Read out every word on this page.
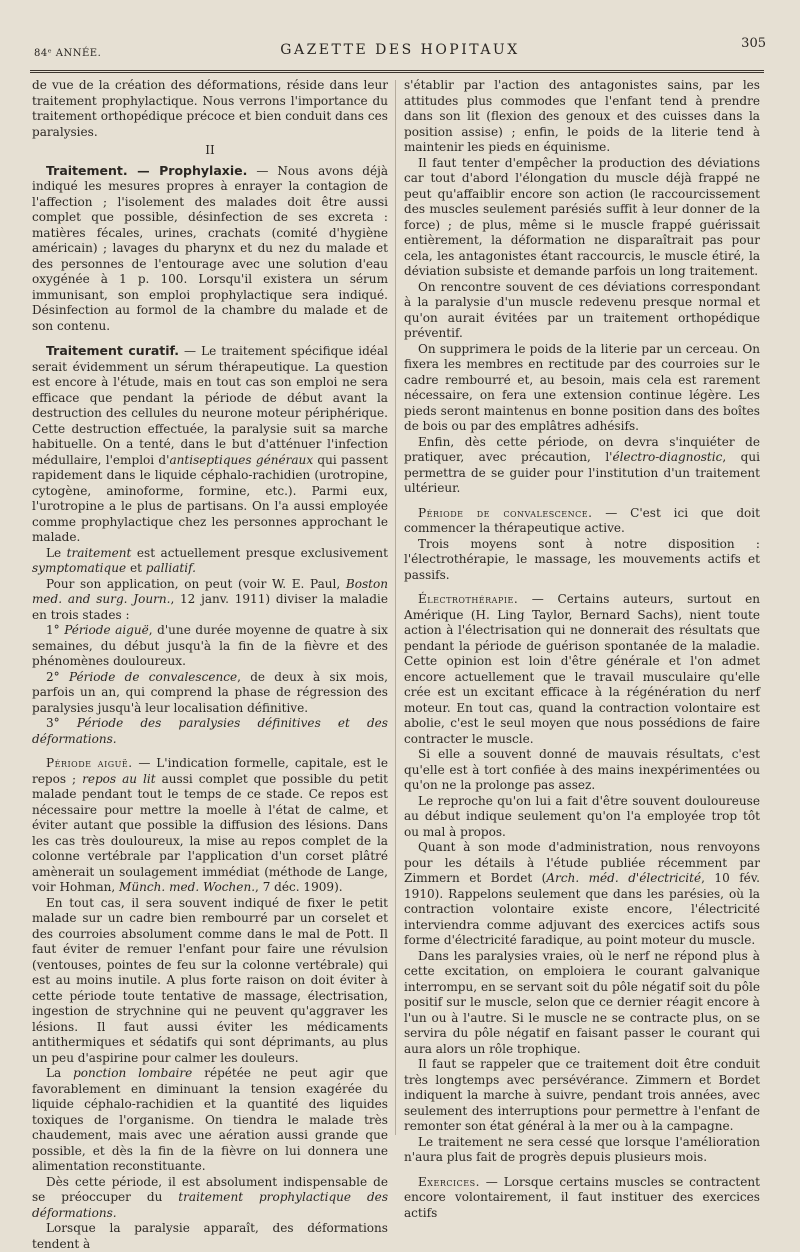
84ᵉ ANNÉE.	GAZETTE DES HOPITAUX	305

de vue de la création des déformations, réside dans leur traitement prophylactique. Nous verrons l'importance du traitement orthopédique précoce et bien conduit dans ces paralysies.

II

Traitement. — Prophylaxie. — Nous avons déjà indiqué les mesures propres à enrayer la contagion de l'affection ; l'isolement des malades doit être aussi complet que possible, désinfection de ses excreta : matières fécales, urines, crachats (comité d'hygiène américain) ; lavages du pharynx et du nez du malade et des personnes de l'entourage avec une solution d'eau oxygénée à 1 p. 100. Lorsqu'il existera un sérum immunisant, son emploi prophylactique sera indiqué. Désinfection au formol de la chambre du malade et de son contenu.

Traitement curatif. — Le traitement spécifique idéal serait évidemment un sérum thérapeutique. La question est encore à l'étude, mais en tout cas son emploi ne sera efficace que pendant la période de début avant la destruction des cellules du neurone moteur périphérique. Cette destruction effectuée, la paralysie suit sa marche habituelle. On a tenté, dans le but d'atténuer l'infection médullaire, l'emploi d'antiseptiques généraux qui passent rapidement dans le liquide céphalo-rachidien (urotropine, cytogène, aminoforme, formine, etc.). Parmi eux, l'urotropine a le plus de partisans. On l'a aussi employée comme prophylactique chez les personnes approchant le malade.

Le traitement est actuellement presque exclusivement symptomatique et palliatif.

Pour son application, on peut (voir W. E. Paul, Boston med. and surg. Journ., 12 janv. 1911) diviser la maladie en trois stades :

1° Période aiguë, d'une durée moyenne de quatre à six semaines, du début jusqu'à la fin de la fièvre et des phénomènes douloureux.

2° Période de convalescence, de deux à six mois, parfois un an, qui comprend la phase de régression des paralysies jusqu'à leur localisation définitive.

3° Période des paralysies définitives et des déformations.

Période aiguë. — L'indication formelle, capitale, est le repos ; repos au lit aussi complet que possible du petit malade pendant tout le temps de ce stade. Ce repos est nécessaire pour mettre la moelle à l'état de calme, et éviter autant que possible la diffusion des lésions. Dans les cas très douloureux, la mise au repos complet de la colonne vertébrale par l'application d'un corset plâtré amènerait un soulagement immédiat (méthode de Lange, voir Hohman, Münch. med. Wochen., 7 déc. 1909).

En tout cas, il sera souvent indiqué de fixer le petit malade sur un cadre bien rembourré par un corselet et des courroies absolument comme dans le mal de Pott. Il faut éviter de remuer l'enfant pour faire une révulsion (ventouses, pointes de feu sur la colonne vertébrale) qui est au moins inutile. A plus forte raison on doit éviter à cette période toute tentative de massage, électrisation, ingestion de strychnine qui ne peuvent qu'aggraver les lésions. Il faut aussi éviter les médicaments antithermiques et sédatifs qui sont déprimants, au plus un peu d'aspirine pour calmer les douleurs.

La ponction lombaire répétée ne peut agir que favorablement en diminuant la tension exagérée du liquide céphalo-rachidien et la quantité des liquides toxiques de l'organisme. On tiendra le malade très chaudement, mais avec une aération aussi grande que possible, et dès la fin de la fièvre on lui donnera une alimentation reconstituante.

Dès cette période, il est absolument indispensable de se préoccuper du traitement prophylactique des déformations.

Lorsque la paralysie apparaît, des déformations tendent à

s'établir par l'action des antagonistes sains, par les attitudes plus commodes que l'enfant tend à prendre dans son lit (flexion des genoux et des cuisses dans la position assise) ; enfin, le poids de la literie tend à maintenir les pieds en équinisme.

Il faut tenter d'empêcher la production des déviations car tout d'abord l'élongation du muscle déjà frappé ne peut qu'affaiblir encore son action (le raccourcissement des muscles seulement parésiés suffit à leur donner de la force) ; de plus, même si le muscle frappé guérissait entièrement, la déformation ne disparaîtrait pas pour cela, les antagonistes étant raccourcis, le muscle étiré, la déviation subsiste et demande parfois un long traitement.

On rencontre souvent de ces déviations correspondant à la paralysie d'un muscle redevenu presque normal et qu'on aurait évitées par un traitement orthopédique préventif.

On supprimera le poids de la literie par un cerceau. On fixera les membres en rectitude par des courroies sur le cadre rembourré et, au besoin, mais cela est rarement nécessaire, on fera une extension continue légère. Les pieds seront maintenus en bonne position dans des boîtes de bois ou par des emplâtres adhésifs.

Enfin, dès cette période, on devra s'inquiéter de pratiquer, avec précaution, l'électro-diagnostic, qui permettra de se guider pour l'institution d'un traitement ultérieur.

Période de convalescence. — C'est ici que doit commencer la thérapeutique active.

Trois moyens sont à notre disposition : l'électrothérapie, le massage, les mouvements actifs et passifs.

Électrothérapie. — Certains auteurs, surtout en Amérique (H. Ling Taylor, Bernard Sachs), nient toute action à l'électrisation qui ne donnerait des résultats que pendant la période de guérison spontanée de la maladie. Cette opinion est loin d'être générale et l'on admet encore actuellement que le travail musculaire qu'elle crée est un excitant efficace à la régénération du nerf moteur. En tout cas, quand la contraction volontaire est abolie, c'est le seul moyen que nous possédions de faire contracter le muscle.

Si elle a souvent donné de mauvais résultats, c'est qu'elle est à tort confiée à des mains inexpérimentées ou qu'on ne la prolonge pas assez.

Le reproche qu'on lui a fait d'être souvent douloureuse au début indique seulement qu'on l'a employée trop tôt ou mal à propos.

Quant à son mode d'administration, nous renvoyons pour les détails à l'étude publiée récemment par Zimmern et Bordet (Arch. méd. d'électricité, 10 fév. 1910). Rappelons seulement que dans les parésies, où la contraction volontaire existe encore, l'électricité interviendra comme adjuvant des exercices actifs sous forme d'électricité faradique, au point moteur du muscle.

Dans les paralysies vraies, où le nerf ne répond plus à cette excitation, on emploiera le courant galvanique interrompu, en se servant soit du pôle négatif soit du pôle positif sur le muscle, selon que ce dernier réagit encore à l'un ou à l'autre. Si le muscle ne se contracte plus, on se servira du pôle négatif en faisant passer le courant qui aura alors un rôle trophique.

Il faut se rappeler que ce traitement doit être conduit très longtemps avec persévérance. Zimmern et Bordet indiquent la marche à suivre, pendant trois années, avec seulement des interruptions pour permettre à l'enfant de remonter son état général à la mer ou à la campagne.

Le traitement ne sera cessé que lorsque l'amélioration n'aura plus fait de progrès depuis plusieurs mois.

Exercices. — Lorsque certains muscles se contractent encore volontairement, il faut instituer des exercices actifs
